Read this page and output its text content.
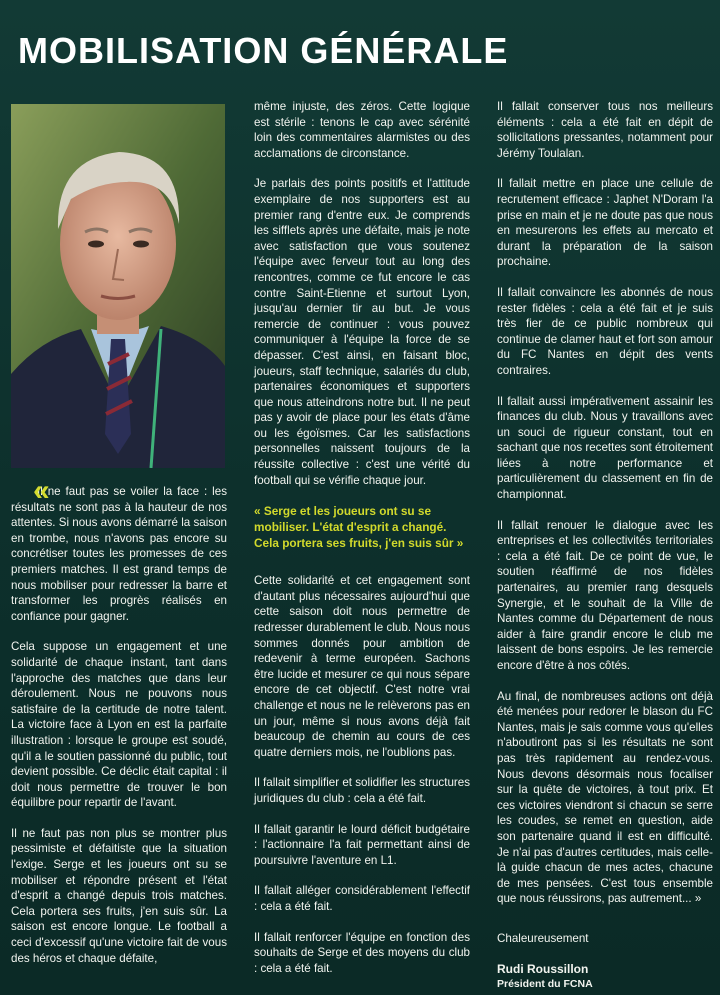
MOBILISATION GÉNÉRALE

«
Il ne faut pas se voiler la face : les résultats ne sont pas à la hauteur de nos attentes. Si nous avons démarré la saison en trombe, nous n'avons pas encore su concrétiser toutes les promesses de ces premiers matches. Il est grand temps de nous mobiliser pour redresser la barre et transformer les progrès réalisés en confiance pour gagner.

Cela suppose un engagement et une solidarité de chaque instant, tant dans l'approche des matches que dans leur déroulement. Nous ne pouvons nous satisfaire de la certitude de notre talent. La victoire face à Lyon en est la parfaite illustration : lorsque le groupe est soudé, qu'il a le soutien passionné du public, tout devient possible. Ce déclic était capital : il doit nous permettre de trouver le bon équilibre pour repartir de l'avant.

Il ne faut pas non plus se montrer plus pessimiste et défaitiste que la situation l'exige. Serge et les joueurs ont su se mobiliser et répondre présent et l'état d'esprit a changé depuis trois matches. Cela portera ses fruits, j'en suis sûr. La saison est encore longue. Le football a ceci d'excessif qu'une victoire fait de vous des héros et chaque défaite,

même injuste, des zéros. Cette logique est stérile : tenons le cap avec sérénité loin des commentaires alarmistes ou des acclamations de circonstance.

Je parlais des points positifs et l'attitude exemplaire de nos supporters est au premier rang d'entre eux. Je comprends les sifflets après une défaite, mais je note avec satisfaction que vous soutenez l'équipe avec ferveur tout au long des rencontres, comme ce fut encore le cas contre Saint-Etienne et surtout Lyon, jusqu'au dernier tir au but. Je vous remercie de continuer : vous pouvez communiquer à l'équipe la force de se dépasser. C'est ainsi, en faisant bloc, joueurs, staff technique, salariés du club, partenaires économiques et supporters que nous atteindrons notre but. Il ne peut pas y avoir de place pour les états d'âme ou les égoïsmes. Car les satisfactions personnelles naissent toujours de la réussite collective : c'est une vérité du football qui se vérifie chaque jour.

« Serge et les joueurs ont su se mobiliser. L'état d'esprit a changé. Cela portera ses fruits, j'en suis sûr »

Cette solidarité et cet engagement sont d'autant plus nécessaires aujourd'hui que cette saison doit nous permettre de redresser durablement le club. Nous nous sommes donnés pour ambition de redevenir à terme européen. Sachons être lucide et mesurer ce qui nous sépare encore de cet objectif. C'est notre vrai challenge et nous ne le relèverons pas en un jour, même si nous avons déjà fait beaucoup de chemin au cours de ces quatre derniers mois, ne l'oublions pas.

Il fallait simplifier et solidifier les structures juridiques du club : cela a été fait.

Il fallait garantir le lourd déficit budgétaire : l'actionnaire l'a fait permettant ainsi de poursuivre l'aventure en L1.

Il fallait alléger considérablement l'effectif : cela a été fait.

Il fallait renforcer l'équipe en fonction des souhaits de Serge et des moyens du club : cela a été fait.

Il fallait conserver tous nos meilleurs éléments : cela a été fait en dépit de sollicitations pressantes, notamment pour Jérémy Toulalan.

Il fallait mettre en place une cellule de recrutement efficace : Japhet N'Doram l'a prise en main et je ne doute pas que nous en mesurerons les effets au mercato et durant la préparation de la saison prochaine.

Il fallait convaincre les abonnés de nous rester fidèles : cela a été fait et je suis très fier de ce public nombreux qui continue de clamer haut et fort son amour du FC Nantes en dépit des vents contraires.

Il fallait aussi impérativement assainir les finances du club. Nous y travaillons avec un souci de rigueur constant, tout en sachant que nos recettes sont étroitement liées à notre performance et particulièrement du classement en fin de championnat.

Il fallait renouer le dialogue avec les entreprises et les collectivités territoriales : cela a été fait. De ce point de vue, le soutien réaffirmé de nos fidèles partenaires, au premier rang desquels Synergie, et le souhait de la Ville de Nantes comme du Département de nous aider à faire grandir encore le club me laissent de bons espoirs. Je les remercie encore d'être à nos côtés.

Au final, de nombreuses actions ont déjà été menées pour redorer le blason du FC Nantes, mais je sais comme vous qu'elles n'aboutiront pas si les résultats ne sont pas très rapidement au rendez-vous. Nous devons désormais nous focaliser sur la quête de victoires, à tout prix. Et ces victoires viendront si chacun se serre les coudes, se remet en question, aide son partenaire quand il est en difficulté. Je n'ai pas d'autres certitudes, mais celle-là guide chacun de mes actes, chacune de mes pensées. C'est tous ensemble que nous réussirons, pas autrement... »

Chaleureusement

Rudi Roussillon

Président du FCNA
